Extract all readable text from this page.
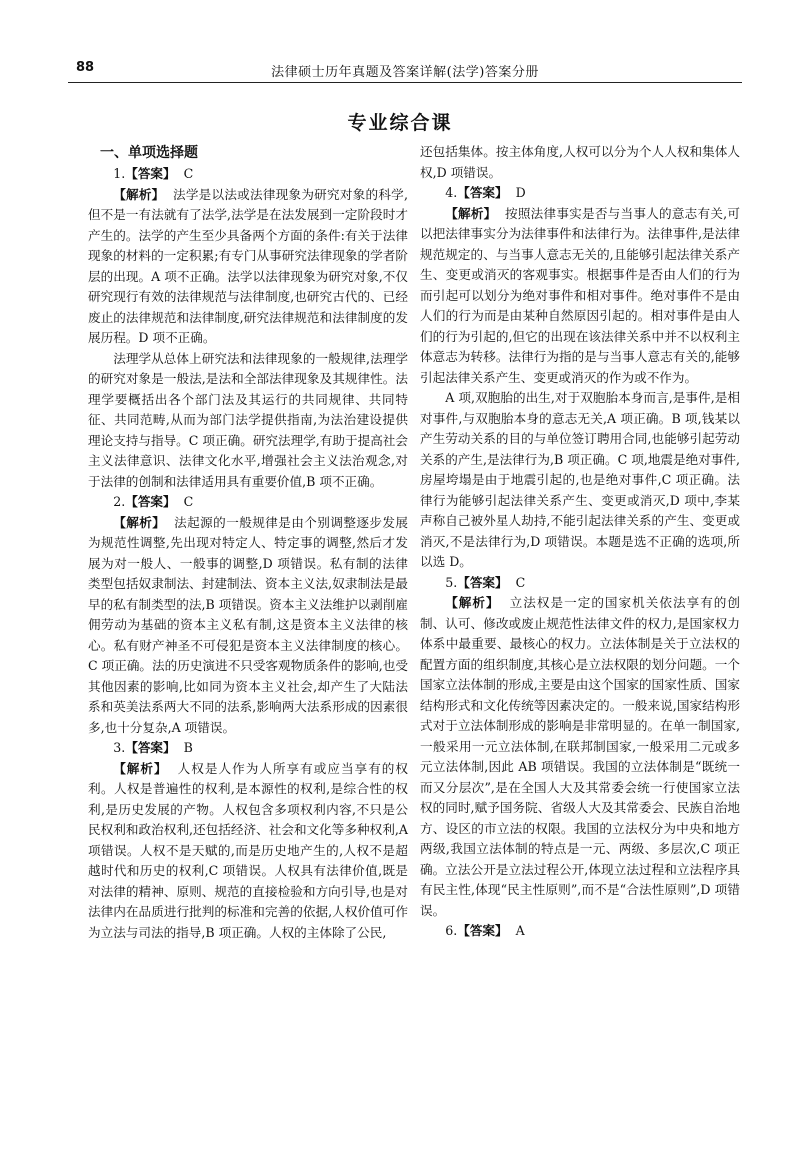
88	法律硕士历年真题及答案详解(法学)答案分册
专业综合课
一、单项选择题

1.【答案】 C

【解析】 法学是以法或法律现象为研究对象的科学,但不是一有法就有了法学,法学是在法发展到一定阶段时才产生的。法学的产生至少具备两个方面的条件:有关于法律现象的材料的一定积累;有专门从事研究法律现象的学者阶层的出现。A 项不正确。法学以法律现象为研究对象,不仅研究现行有效的法律规范与法律制度,也研究古代的、已经废止的法律规范和法律制度,研究法律规范和法律制度的发展历程。D 项不正确。

法理学从总体上研究法和法律现象的一般规律,法理学的研究对象是一般法,是法和全部法律现象及其规律性。法理学要概括出各个部门法及其运行的共同规律、共同特征、共同范畴,从而为部门法学提供指南,为法治建设提供理论支持与指导。C 项正确。研究法理学,有助于提高社会主义法律意识、法律文化水平,增强社会主义法治观念,对于法律的创制和法律适用具有重要价值,B 项不正确。

2.【答案】 C

【解析】 法起源的一般规律是由个别调整逐步发展为规范性调整,先出现对特定人、特定事的调整,然后才发展为对一般人、一般事的调整,D 项错误。私有制的法律类型包括奴隶制法、封建制法、资本主义法,奴隶制法是最早的私有制类型的法,B 项错误。资本主义法维护以剥削雇佣劳动为基础的资本主义私有制,这是资本主义法律的核心。私有财产神圣不可侵犯是资本主义法律制度的核心。C 项正确。法的历史演进不只受客观物质条件的影响,也受其他因素的影响,比如同为资本主义社会,却产生了大陆法系和英美法系两大不同的法系,影响两大法系形成的因素很多,也十分复杂,A 项错误。

3.【答案】 B

【解析】 人权是人作为人所享有或应当享有的权利。人权是普遍性的权利,是本源性的权利,是综合性的权利,是历史发展的产物。人权包含多项权利内容,不只是公民权利和政治权利,还包括经济、社会和文化等多种权利,A 项错误。人权不是天赋的,而是历史地产生的,人权不是超越时代和历史的权利,C 项错误。人权具有法律价值,既是对法律的精神、原则、规范的直接检验和方向引导,也是对法律内在品质进行批判的标准和完善的依据,人权价值可作为立法与司法的指导,B 项正确。人权的主体除了公民,

还包括集体。按主体角度,人权可以分为个人人权和集体人权,D 项错误。

4.【答案】 D

【解析】 按照法律事实是否与当事人的意志有关,可以把法律事实分为法律事件和法律行为。法律事件,是法律规范规定的、与当事人意志无关的,且能够引起法律关系产生、变更或消灭的客观事实。根据事件是否由人们的行为而引起可以划分为绝对事件和相对事件。绝对事件不是由人们的行为而是由某种自然原因引起的。相对事件是由人们的行为引起的,但它的出现在该法律关系中并不以权利主体意志为转移。法律行为指的是与当事人意志有关的,能够引起法律关系产生、变更或消灭的作为或不作为。

A 项,双胞胎的出生,对于双胞胎本身而言,是事件,是相对事件,与双胞胎本身的意志无关,A 项正确。B 项,钱某以产生劳动关系的目的与单位签订聘用合同,也能够引起劳动关系的产生,是法律行为,B 项正确。C 项,地震是绝对事件,房屋垮塌是由于地震引起的,也是绝对事件,C 项正确。法律行为能够引起法律关系产生、变更或消灭,D 项中,李某声称自己被外星人劫持,不能引起法律关系的产生、变更或消灭,不是法律行为,D 项错误。本题是选不正确的选项,所以选 D。

5.【答案】 C

【解析】 立法权是一定的国家机关依法享有的创制、认可、修改或废止规范性法律文件的权力,是国家权力体系中最重要、最核心的权力。立法体制是关于立法权的配置方面的组织制度,其核心是立法权限的划分问题。一个国家立法体制的形成,主要是由这个国家的国家性质、国家结构形式和文化传统等因素决定的。一般来说,国家结构形式对于立法体制形成的影响是非常明显的。在单一制国家,一般采用一元立法体制,在联邦制国家,一般采用二元或多元立法体制,因此 AB 项错误。我国的立法体制是“既统一而又分层次”,是在全国人大及其常委会统一行使国家立法权的同时,赋予国务院、省级人大及其常委会、民族自治地方、设区的市立法的权限。我国的立法权分为中央和地方两级,我国立法体制的特点是一元、两级、多层次,C 项正确。立法公开是立法过程公开,体现立法过程和立法程序具有民主性,体现“民主性原则”,而不是“合法性原则”,D 项错误。

6.【答案】 A
